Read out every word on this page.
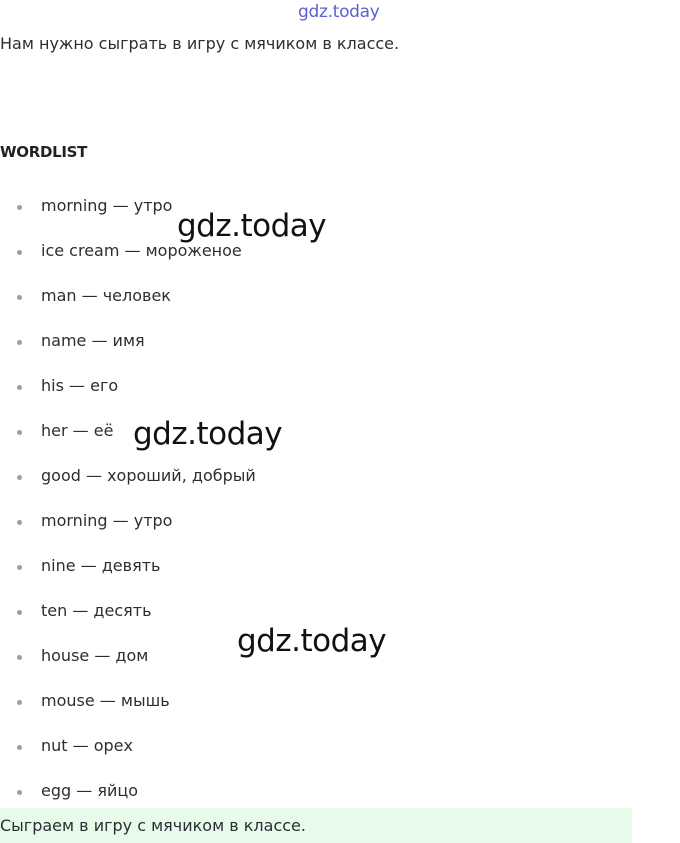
gdz.today
Нам нужно сыграть в игру с мячиком в классе.
WORDLIST
morning — утро
ice cream — мороженое
man — человек
name — имя
his — его
her — её
good — хороший, добрый
morning — утро
nine — девять
ten — десять
house — дом
mouse — мышь
nut — орех
egg — яйцо
gdz.today
gdz.today
gdz.today
Сыграем в игру с мячиком в классе.
